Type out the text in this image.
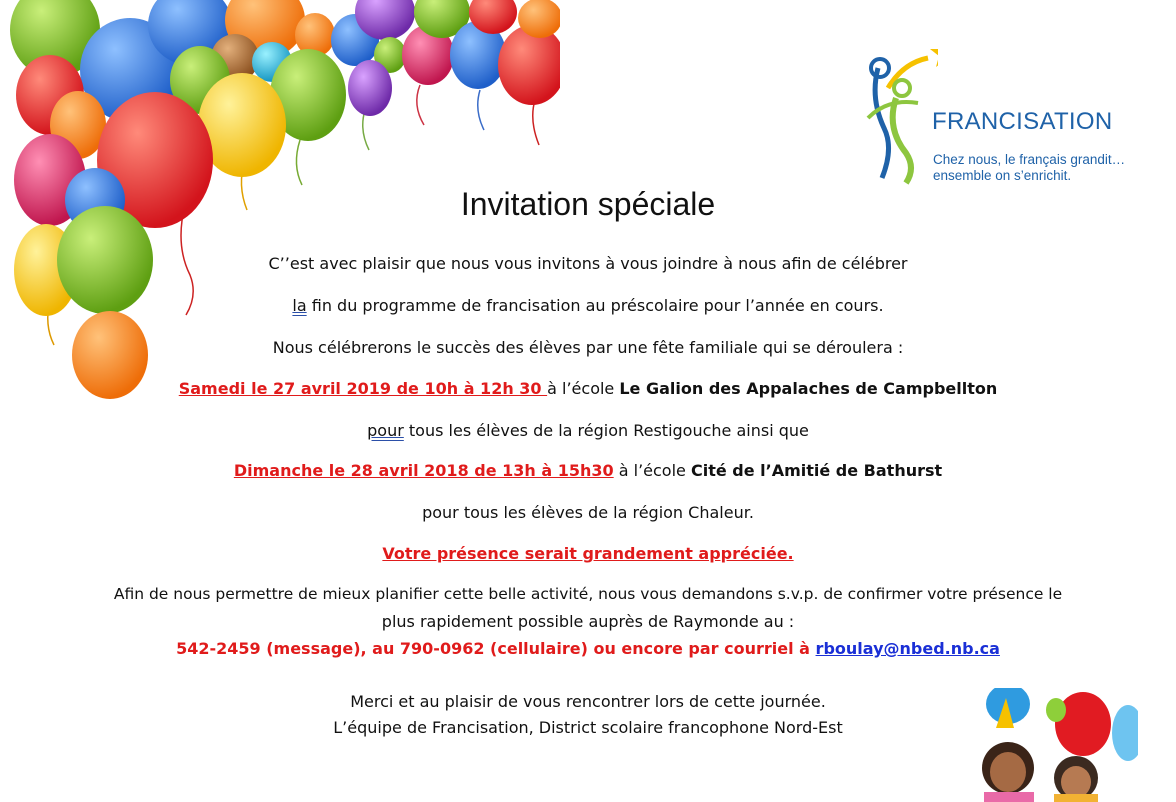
FRANCISATION
Chez nous, le français grandit…
ensemble on s’enrichit.
Invitation spéciale
C’’est avec plaisir que nous vous invitons à vous joindre à nous afin de célébrer
la fin du programme de francisation au préscolaire pour l’année en cours.
Nous célébrerons le succès des élèves par une fête familiale qui se déroulera :
Samedi le 27 avril 2019 de 10h à 12h 30 à l’école Le Galion des Appalaches de Campbellton
pour tous les élèves de la région Restigouche ainsi que
Dimanche le 28 avril 2018 de 13h à 15h30 à l’école Cité de l’Amitié de Bathurst
pour tous les élèves de la région Chaleur.
Votre présence serait grandement appréciée.
Afin de nous permettre de mieux planifier cette belle activité, nous vous demandons s.v.p. de confirmer votre présence le
plus rapidement possible auprès de Raymonde au :
542-2459 (message), au 790-0962 (cellulaire) ou encore par courriel à rboulay@nbed.nb.ca
Merci et au plaisir de vous rencontrer lors de cette journée.
L’équipe de Francisation, District scolaire francophone Nord-Est
